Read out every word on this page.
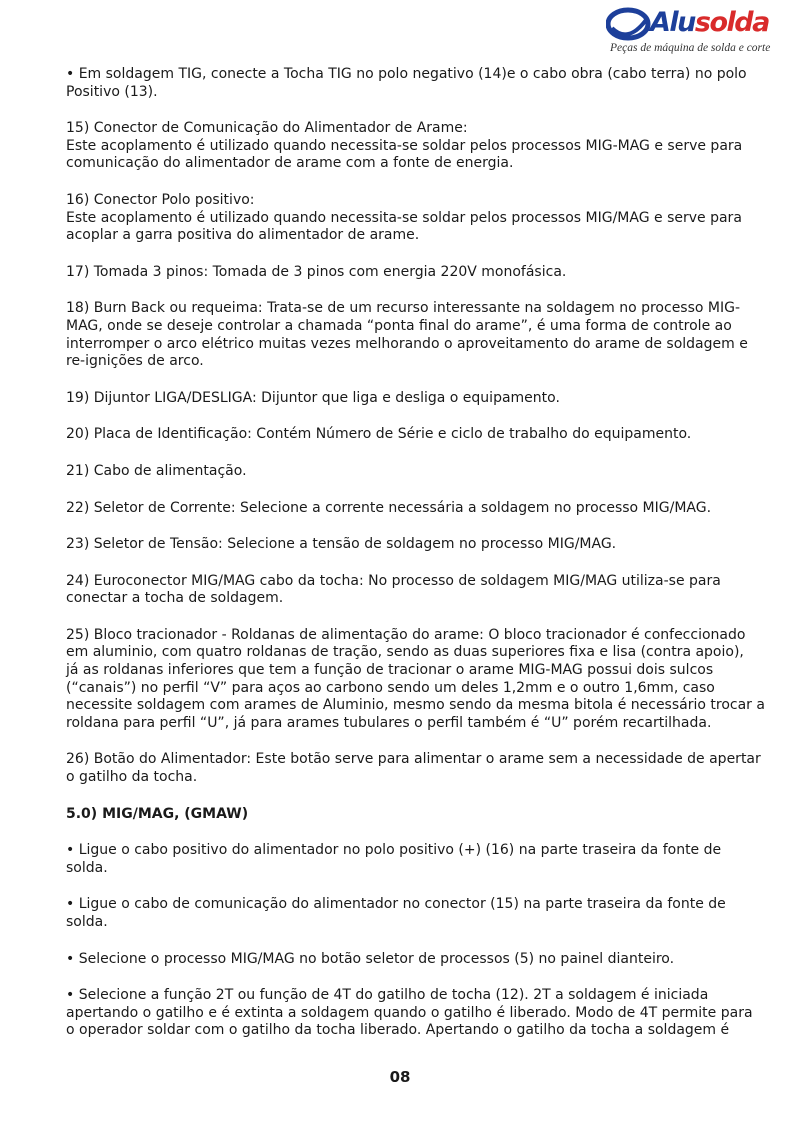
Alusolda
Peças de máquina de solda e corte
• Em soldagem TIG, conecte a Tocha TIG no polo negativo (14)e o cabo obra (cabo terra) no polo
Positivo (13).
15) Conector de Comunicação do Alimentador de Arame:
Este acoplamento é utilizado quando necessita-se soldar pelos processos MIG-MAG e serve para
comunicação do alimentador de arame com a fonte de energia.
16) Conector Polo positivo:
Este acoplamento é utilizado quando necessita-se soldar pelos processos MIG/MAG e serve para
acoplar a garra positiva do alimentador de arame.
17) Tomada 3 pinos: Tomada de 3 pinos com energia 220V monofásica.
18) Burn Back ou requeima: Trata-se de um recurso interessante na soldagem no processo MIG-
MAG, onde se deseje controlar a chamada “ponta final do arame”, é uma forma de controle ao
interromper o arco elétrico muitas vezes melhorando o aproveitamento do arame de soldagem e
re-ignições de arco.
19) Dijuntor LIGA/DESLIGA: Dijuntor que liga e desliga o equipamento.
20) Placa de Identificação: Contém Número de Série e ciclo de trabalho do equipamento.
21) Cabo de alimentação.
22) Seletor de Corrente: Selecione a corrente necessária a soldagem no processo MIG/MAG.
23) Seletor de Tensão: Selecione a tensão de soldagem no processo MIG/MAG.
24) Euroconector MIG/MAG cabo da tocha: No processo de soldagem MIG/MAG utiliza-se para
conectar a tocha de soldagem.
25) Bloco tracionador - Roldanas de alimentação do arame: O bloco tracionador é confeccionado
em aluminio, com quatro roldanas de tração, sendo as duas superiores fixa e lisa (contra apoio),
já as roldanas inferiores que tem a função de tracionar o arame MIG-MAG possui dois sulcos
(“canais”) no perfil “V” para aços ao carbono sendo um deles 1,2mm e o outro 1,6mm, caso
necessite soldagem com arames de Aluminio, mesmo sendo da mesma bitola é necessário trocar a
roldana para perfil “U”, já para arames tubulares o perfil também é “U” porém recartilhada.
26) Botão do Alimentador: Este botão serve para alimentar o arame sem a necessidade de apertar
o gatilho da tocha.
5.0) MIG/MAG, (GMAW)
• Ligue o cabo positivo do alimentador no polo positivo (+) (16) na parte traseira da fonte de
solda.
• Ligue o cabo de comunicação do alimentador no conector (15) na parte traseira da fonte de
solda.
• Selecione o processo MIG/MAG no botão seletor de processos (5) no painel dianteiro.
• Selecione a função 2T ou função de 4T do gatilho de tocha (12). 2T a soldagem é iniciada
apertando o gatilho e é extinta a soldagem quando o gatilho é liberado. Modo de 4T permite para
o operador soldar com o gatilho da tocha liberado. Apertando o gatilho da tocha a soldagem é
08
